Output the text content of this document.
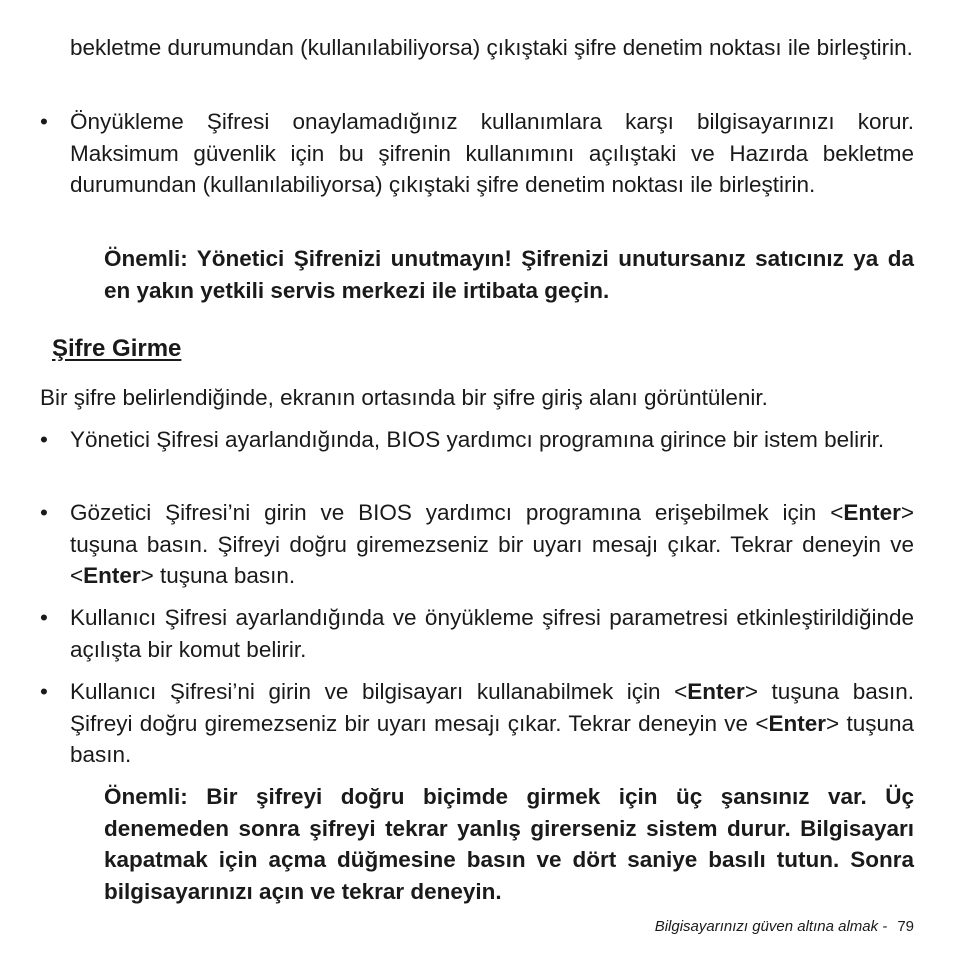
bekletme durumundan (kullanılabiliyorsa) çıkıştaki şifre denetim noktası ile birleştirin.

• Önyükleme Şifresi onaylamadığınız kullanımlara karşı bilgisayarınızı korur. Maksimum güvenlik için bu şifrenin kullanımını açılıştaki ve Hazırda bekletme durumundan (kullanılabiliyorsa) çıkıştaki şifre denetim noktası ile birleştirin.

Önemli: Yönetici Şifrenizi unutmayın! Şifrenizi unutursanız satıcınız ya da en yakın yetkili servis merkezi ile irtibata geçin.

Şifre Girme

Bir şifre belirlendiğinde, ekranın ortasında bir şifre giriş alanı görüntülenir.

• Yönetici Şifresi ayarlandığında, BIOS yardımcı programına girince bir istem belirir.

• Gözetici Şifresi’ni girin ve BIOS yardımcı programına erişebilmek için <Enter> tuşuna basın. Şifreyi doğru giremezseniz bir uyarı mesajı çıkar. Tekrar deneyin ve <Enter> tuşuna basın.

• Kullanıcı Şifresi ayarlandığında ve önyükleme şifresi parametresi etkinleştirildiğinde açılışta bir komut belirir.

• Kullanıcı Şifresi’ni girin ve bilgisayarı kullanabilmek için <Enter> tuşuna basın. Şifreyi doğru giremezseniz bir uyarı mesajı çıkar. Tekrar deneyin ve <Enter> tuşuna basın.

Önemli: Bir şifreyi doğru biçimde girmek için üç şansınız var. Üç denemeden sonra şifreyi tekrar yanlış girerseniz sistem durur. Bilgisayarı kapatmak için açma düğmesine basın ve dört saniye basılı tutun. Sonra bilgisayarınızı açın ve tekrar deneyin.

Bilgisayarınızı güven altına almak - 79
